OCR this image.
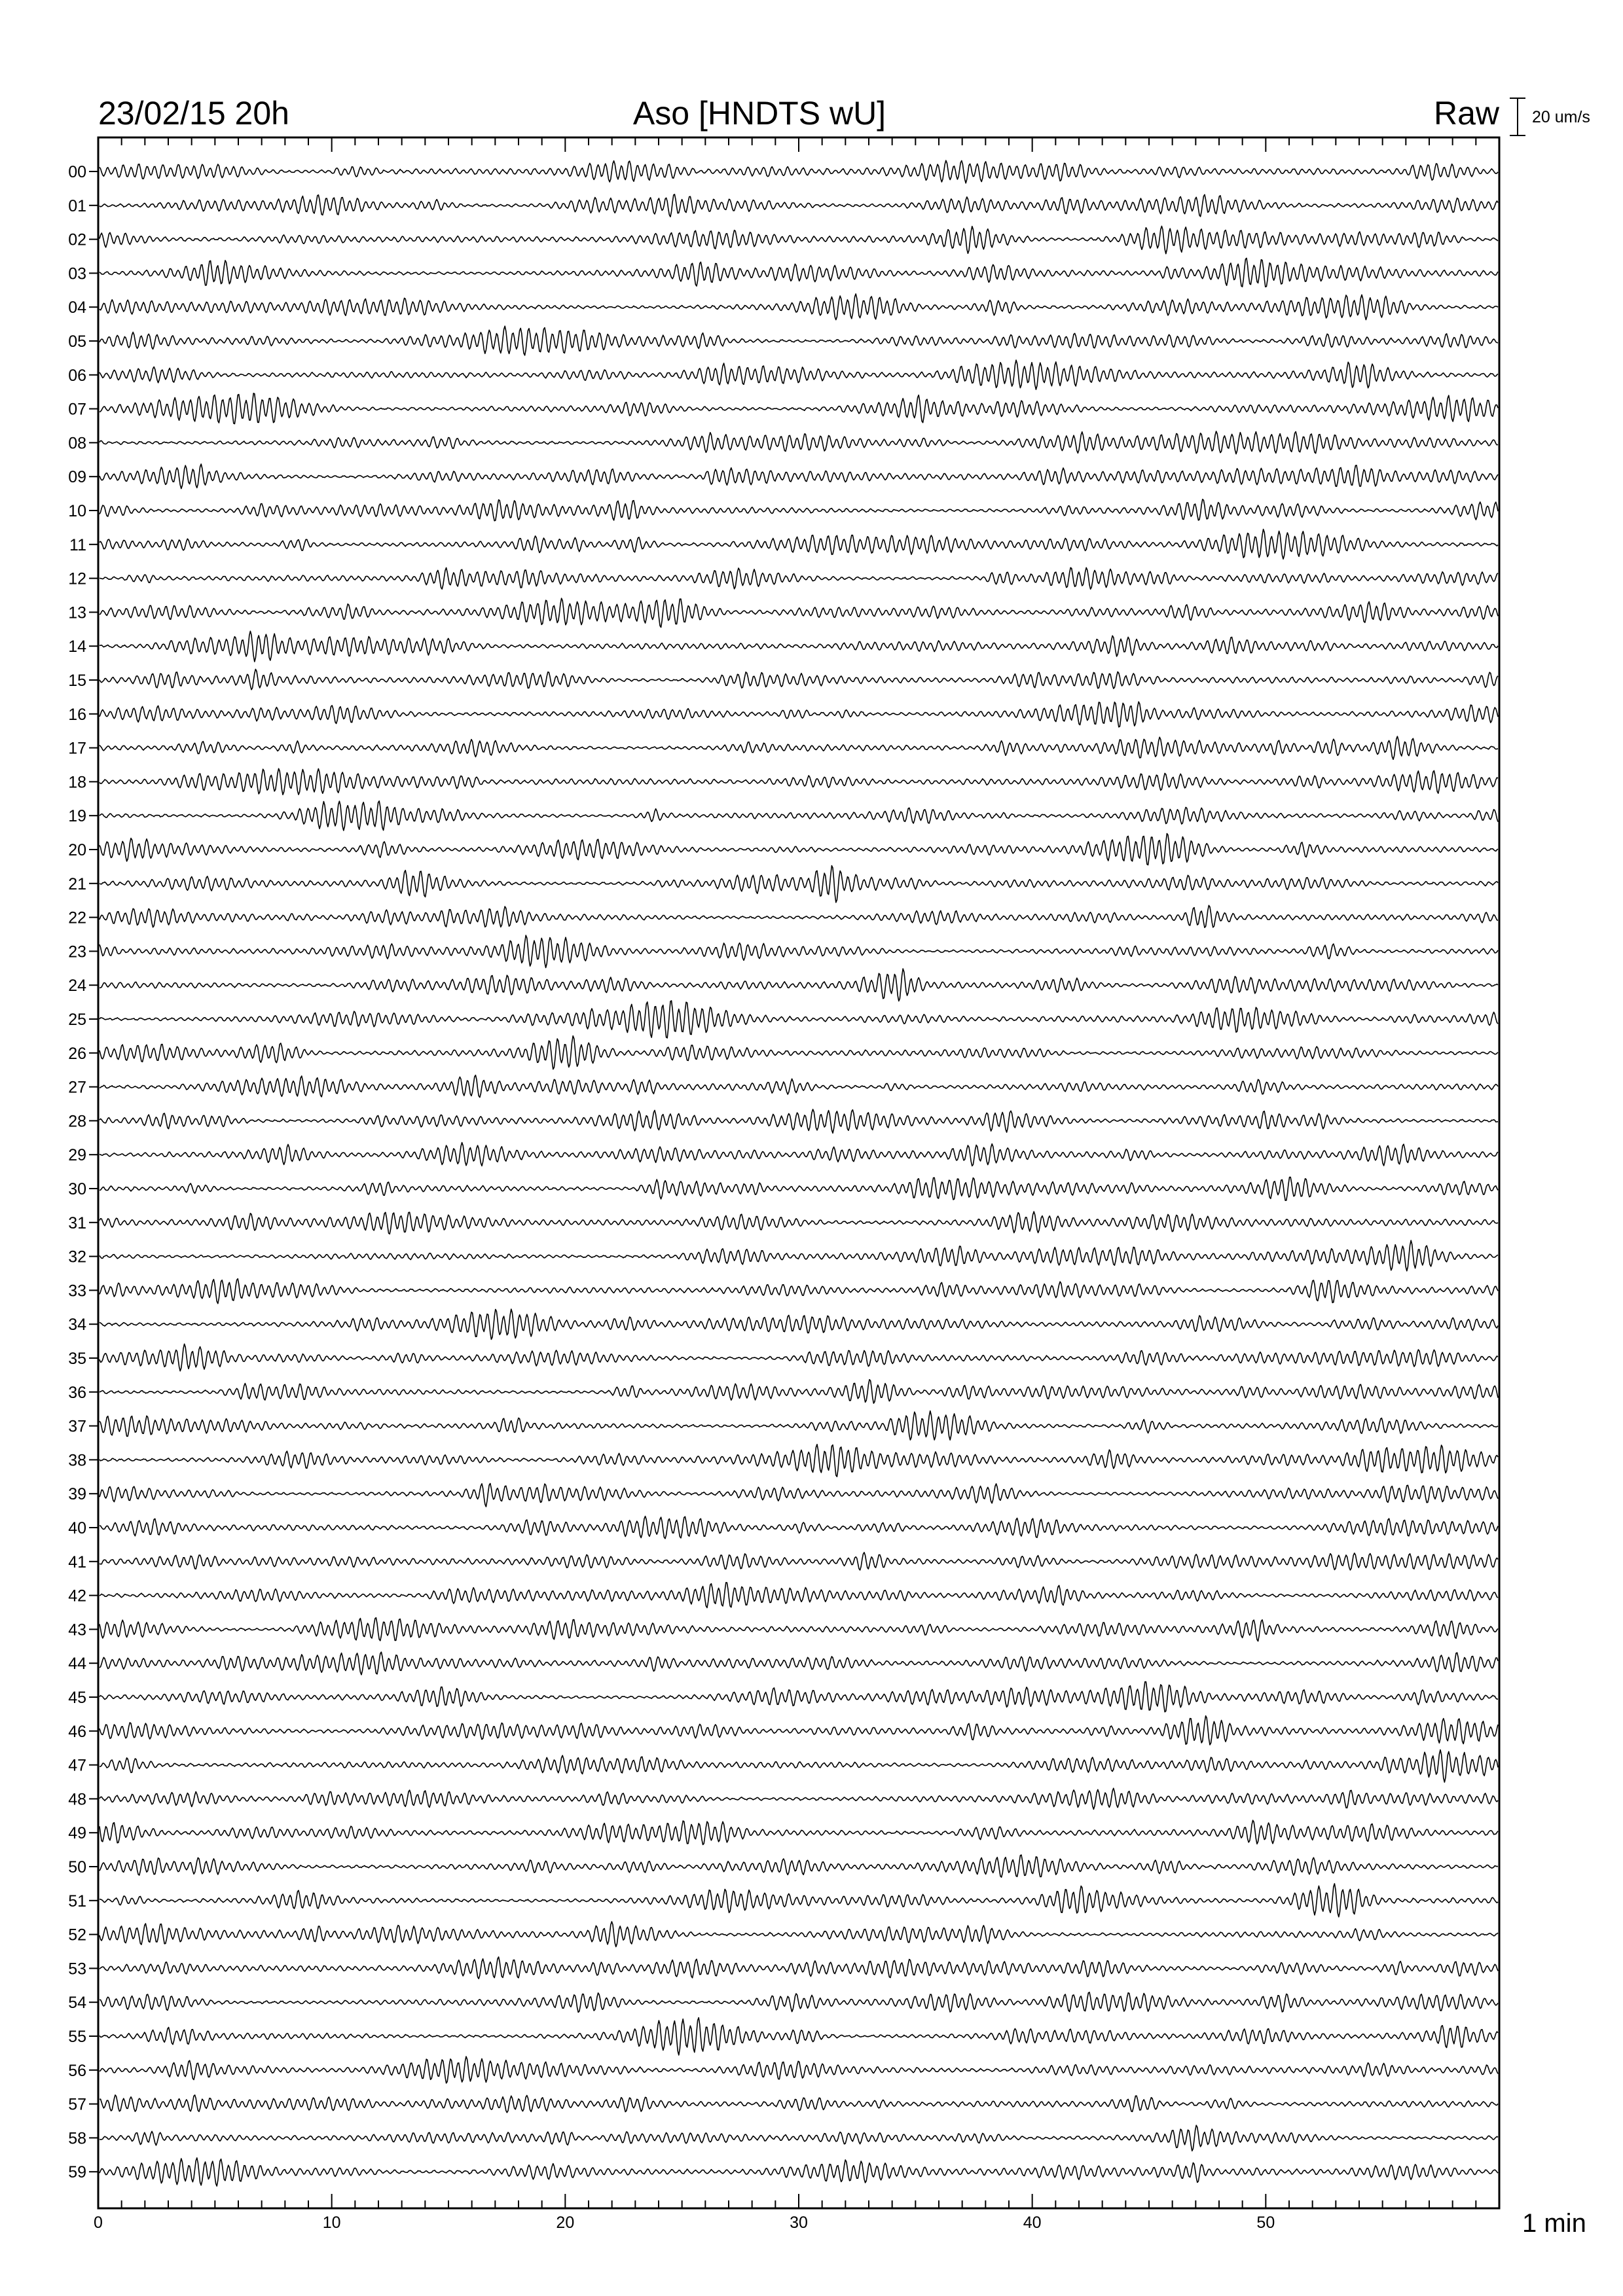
23/02/15 20h	Aso [HNDTS wU]	Raw 20 um/s
00
01
02
03
04
05
06
07
08
09
10
11
12
13
14
15
16
17
18
19
20
21
22
23
24
25
26
27
28
29
30
31
32
33
34
35
36
37
38
39
40
41
42
43
44
45
46
47
48
49
50
51
52
53
54
55
56
57
58
59
0	10	20	30	40	50	1 min
